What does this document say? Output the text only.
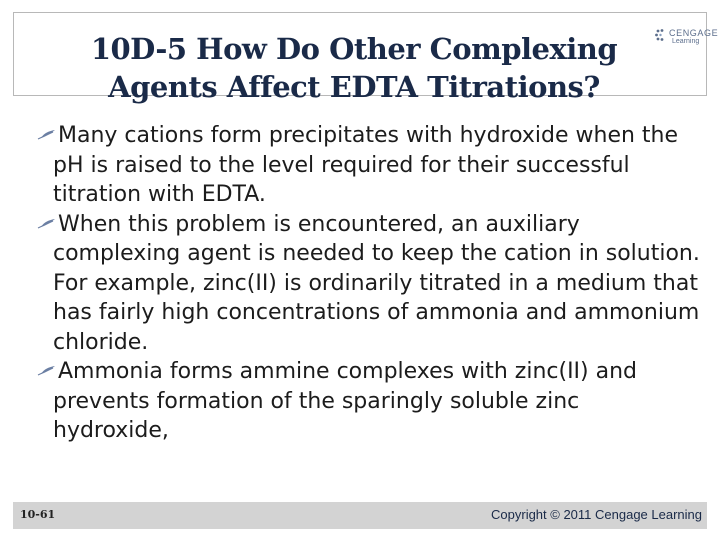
10D-5 How Do Other Complexing
Agents Affect EDTA Titrations?
CENGAGE
Learning

Many cations form precipitates with hydroxide when the pH is raised to the level required for their successful titration with EDTA.

When this problem is encountered, an auxiliary complexing agent is needed to keep the cation in solution. For example, zinc(II) is ordinarily titrated in a medium that has fairly high concentrations of ammonia and ammonium chloride.

Ammonia forms ammine complexes with zinc(II) and prevents formation of the sparingly soluble zinc hydroxide,

10-61	Copyright © 2011 Cengage Learning
